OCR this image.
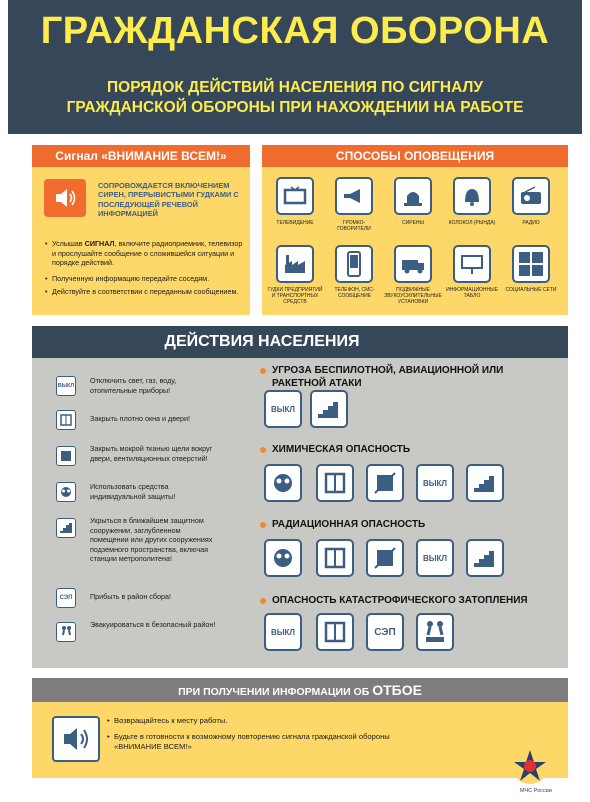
ГРАЖДАНСКАЯ ОБОРОНА
ПОРЯДОК ДЕЙСТВИЙ НАСЕЛЕНИЯ ПО СИГНАЛУ
ГРАЖДАНСКОЙ ОБОРОНЫ ПРИ НАХОЖДЕНИИ НА РАБОТЕ
Сигнал «ВНИМАНИЕ ВСЕМ!»
СОПРОВОЖДАЕТСЯ ВКЛЮЧЕНИЕМ СИРЕН, ПРЕРЫВИСТЫМИ ГУДКАМИ С ПОСЛЕДУЮЩЕЙ РЕЧЕВОЙ ИНФОРМАЦИЕЙ
• Услышав СИГНАЛ, включите радиоприемник, телевизор и прослушайте сообщение о сложившейся ситуации и порядке действий.
• Полученную информацию передайте соседям.
• Действуйте в соответствии с переданным сообщением.
СПОСОБЫ ОПОВЕЩЕНИЯ
ТЕЛЕВИДЕНИЕ	ГРОМКО- ГОВОРИТЕЛИ
СИРЕНЫ	КОЛОКОЛ (РЫНДА)	РАДИО
ГУДКИ ПРЕДПРИЯТИЙ И ТРАНСПОРТНЫХ СРЕДСТВ
ТЕЛЕФОН, СМС-СООБЩЕНИЕ
ПОДВИЖНЫЕ ЗВУКОУСИЛИТЕЛЬНЫЕ УСТАНОВКИ
ИНФОРМАЦИОННЫЕ ТАБЛО
СОЦИАЛЬНЫЕ СЕТИ
ДЕЙСТВИЯ НАСЕЛЕНИЯ
ВЫКЛ
Отключить свет, газ, воду, отопительные приборы!
Закрыть плотно окна и двери!
Закрыть мокрой тканью щели вокруг двери, вентиляционных отверстий!
Использовать средства индивидуальной защиты!
Укрыться в ближайшем защитном сооружении, заглубленном помещении или других сооружениях подземного пространства, включая станции метрополитена!
СЭП Прибыть в район сбора!
Эвакуироваться в безопасный район!
УГРОЗА БЕСПИЛОТНОЙ, АВИАЦИОННОЙ ИЛИ РАКЕТНОЙ АТАКИ
ВЫКЛ
ХИМИЧЕСКАЯ ОПАСНОСТЬ
ВЫКЛ
РАДИАЦИОННАЯ ОПАСНОСТЬ
ВЫКЛ
ОПАСНОСТЬ КАТАСТРОФИЧЕСКОГО ЗАТОПЛЕНИЯ
ВЫКЛ	СЭП
ПРИ ПОЛУЧЕНИИ ИНФОРМАЦИИ ОБ ОТБОЕ
• Возвращайтесь к месту работы.
• Будьте в готовности к возможному повторению сигнала гражданской обороны «ВНИМАНИЕ ВСЕМ!»
МЧС России
